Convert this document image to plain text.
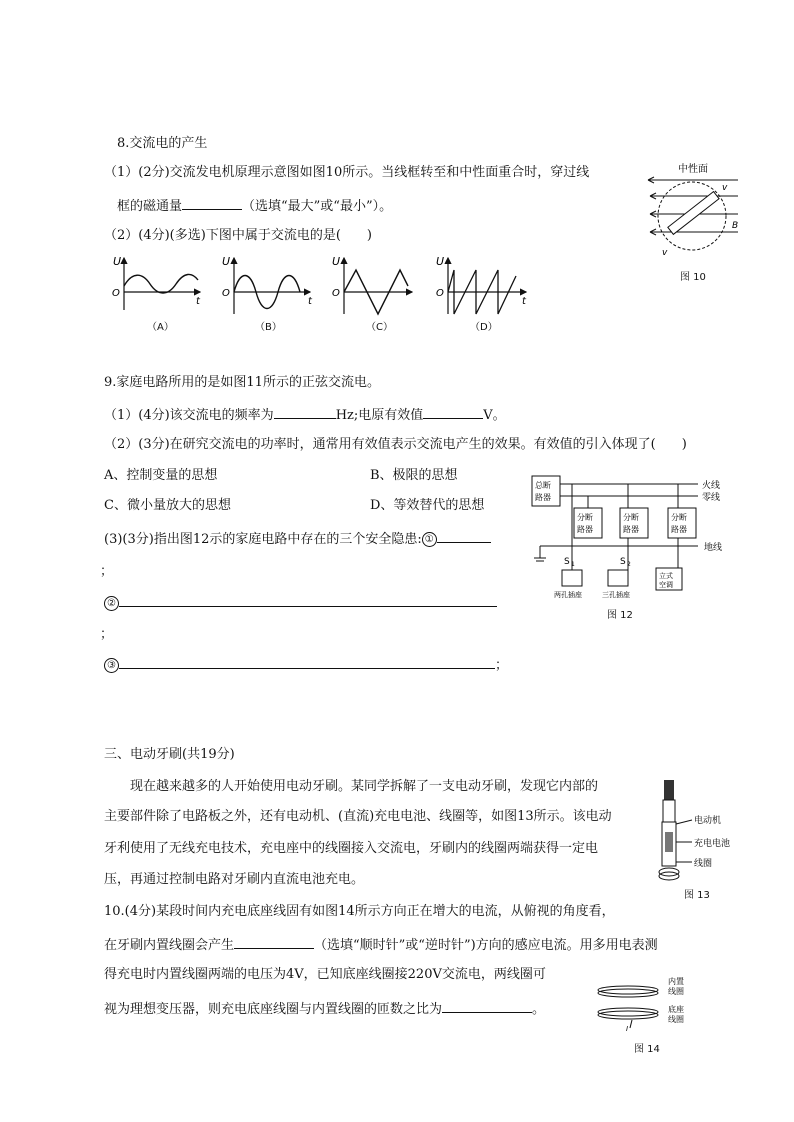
8.交流电的产生
（1）(2分)交流发电机原理示意图如图10所示。当线框转至和中性面重合时，穿过线
框的磁通量	（选填“最大”或“最小”）。
（2）(4分)(多选)下图中属于交流电的是(　　)
U
O
t
U
O
t
U
O
U
O
t
（A）	（B）	（C）	（D）
中性面
v
v
B
图 10
9.家庭电路所用的是如图11所示的正弦交流电。
（1）(4分)该交流电的频率为	Hz;电原有效值	V。
（2）(3分)在研究交流电的功率时，通常用有效值表示交流电产生的效果。有效值的引入体现了(　　)
A、控制变量的思想	B、极限的思想
C、微小量放大的思想	D、等效替代的思想
(3)(3分)指出图12示的家庭电路中存在的三个安全隐患: ①
；
②
；
③	；
总断
路器
火线
零线
地线
分断
路器
分断
路器
分断
路器
S 1	S 2
立式
空调
两孔插座	三孔插座
图 12
三、电动牙刷(共19分)
现在越来越多的人开始使用电动牙刷。某同学拆解了一支电动牙刷，发现它内部的
主要部件除了电路板之外，还有电动机、(直流)充电电池、线圈等，如图13所示。该电动
牙利使用了无线充电技术，充电座中的线圈接入交流电，牙刷内的线圈两端获得一定电
压，再通过控制电路对牙刷内直流电池充电。
电动机
充电电池
线圈
图 13
10.(4分)某段时间内充电底座线固有如图14所示方向正在增大的电流，从俯视的角度看，
在牙刷内置线圈会产生	（选填“顺时针”或“逆时针”)方向的感应电流。用多用电表测
得充电时内置线圈两端的电压为4V，已知底座线圈接220V交流电，两线圈可
视为理想变压器，则充电底座线圈与内置线圈的匝数之比为	。
I
内置
线圈
底座
线圈
图 14
